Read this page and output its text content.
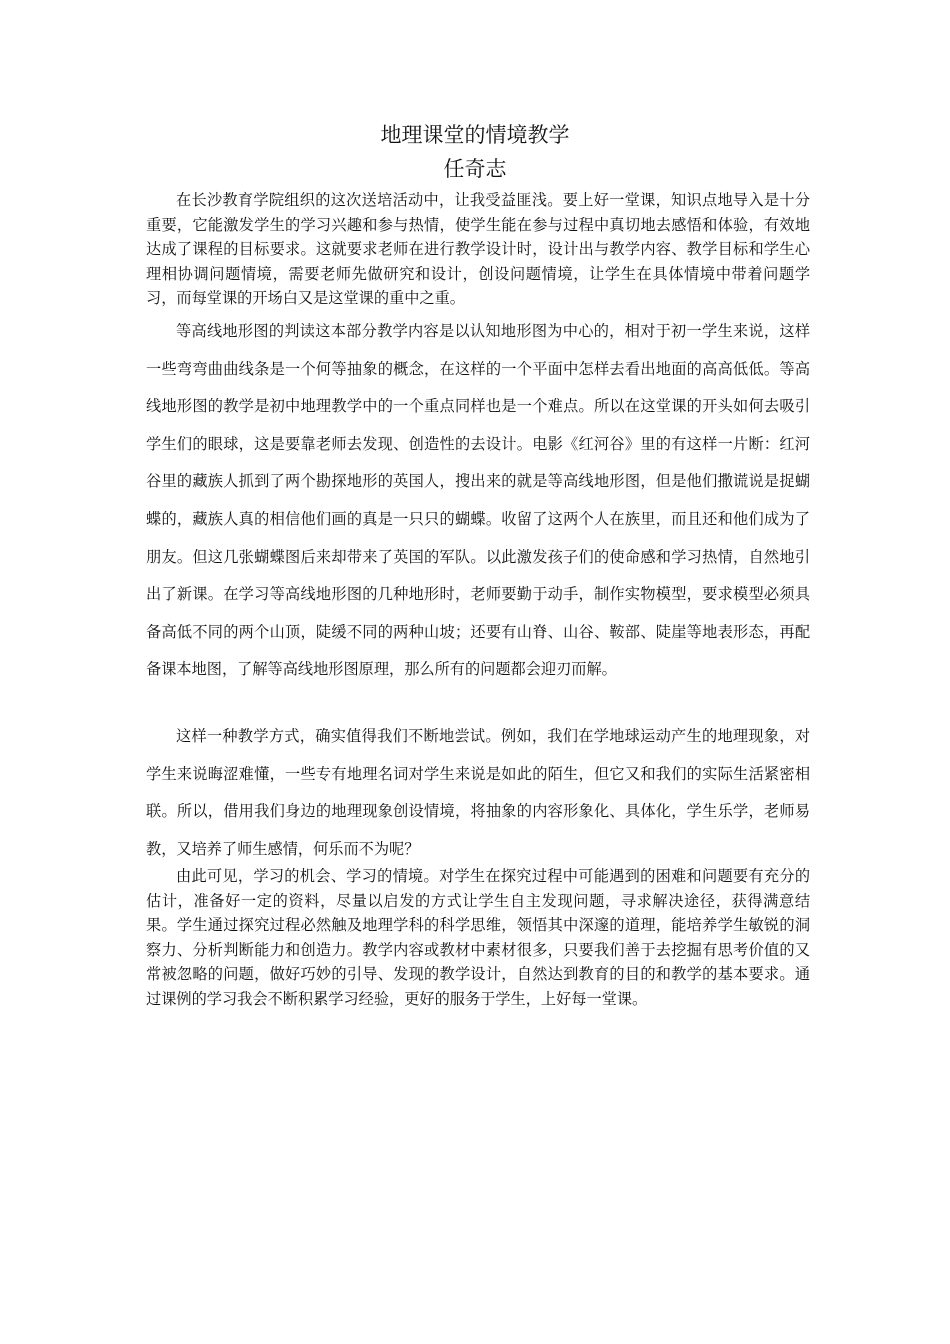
地理课堂的情境教学
任奇志

在长沙教育学院组织的这次送培活动中，让我受益匪浅。要上好一堂课，知识点地导入是十分重要，它能激发学生的学习兴趣和参与热情，使学生能在参与过程中真切地去感悟和体验，有效地达成了课程的目标要求。这就要求老师在进行教学设计时，设计出与教学内容、教学目标和学生心理相协调问题情境，需要老师先做研究和设计，创设问题情境，让学生在具体情境中带着问题学习，而每堂课的开场白又是这堂课的重中之重。

等高线地形图的判读这本部分教学内容是以认知地形图为中心的，相对于初一学生来说，这样一些弯弯曲曲线条是一个何等抽象的概念，在这样的一个平面中怎样去看出地面的高高低低。等高线地形图的教学是初中地理教学中的一个重点同样也是一个难点。所以在这堂课的开头如何去吸引学生们的眼球，这是要靠老师去发现、创造性的去设计。电影《红河谷》里的有这样一片断：红河谷里的藏族人抓到了两个勘探地形的英国人，搜出来的就是等高线地形图，但是他们撒谎说是捉蝴蝶的，藏族人真的相信他们画的真是一只只的蝴蝶。收留了这两个人在族里，而且还和他们成为了朋友。但这几张蝴蝶图后来却带来了英国的军队。以此激发孩子们的使命感和学习热情，自然地引出了新课。在学习等高线地形图的几种地形时，老师要勤于动手，制作实物模型，要求模型必须具备高低不同的两个山顶，陡缓不同的两种山坡；还要有山脊、山谷、鞍部、陡崖等地表形态，再配备课本地图，了解等高线地形图原理，那么所有的问题都会迎刃而解。

这样一种教学方式，确实值得我们不断地尝试。例如，我们在学地球运动产生的地理现象，对学生来说晦涩难懂，一些专有地理名词对学生来说是如此的陌生，但它又和我们的实际生活紧密相联。所以，借用我们身边的地理现象创设情境，将抽象的内容形象化、具体化，学生乐学，老师易教，又培养了师生感情，何乐而不为呢？

由此可见，学习的机会、学习的情境。对学生在探究过程中可能遇到的困难和问题要有充分的估计，准备好一定的资料，尽量以启发的方式让学生自主发现问题，寻求解决途径，获得满意结果。学生通过探究过程必然触及地理学科的科学思维，领悟其中深邃的道理，能培养学生敏锐的洞察力、分析判断能力和创造力。教学内容或教材中素材很多，只要我们善于去挖掘有思考价值的又常被忽略的问题，做好巧妙的引导、发现的教学设计，自然达到教育的目的和教学的基本要求。通过课例的学习我会不断积累学习经验，更好的服务于学生，上好每一堂课。
